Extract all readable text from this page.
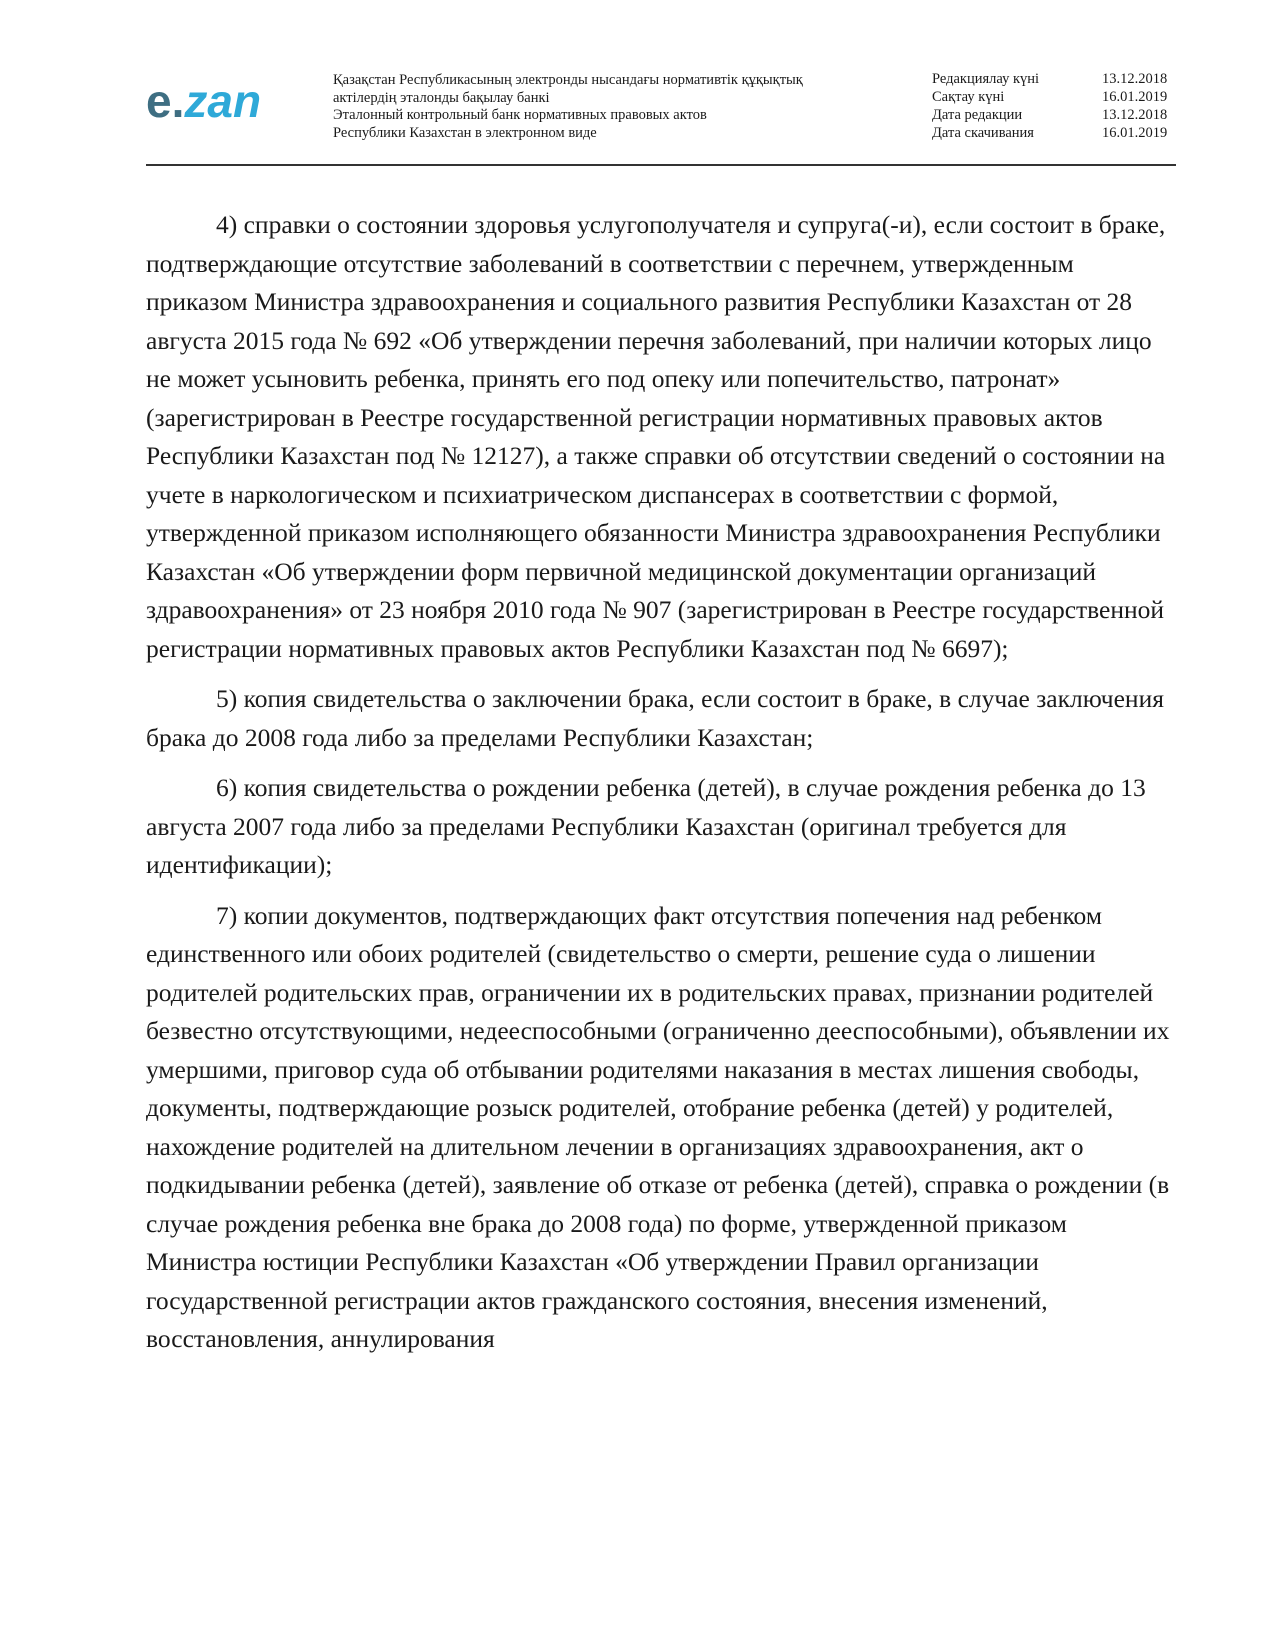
e.zan	Қазақстан Республикасының электронды нысандағы нормативтік құқықтық
актілердің эталонды бақылау банкі
Эталонный контрольный банк нормативных правовых актов
Республики Казахстан в электронном виде
Редакциялау күні	13.12.2018
Сақтау күні	16.01.2019
Дата редакции	13.12.2018
Дата скачивания	16.01.2019

4) справки о состоянии здоровья услугополучателя и супруга(-и), если состоит в браке, подтверждающие отсутствие заболеваний в соответствии с перечнем, утвержденным приказом Министра здравоохранения и социального развития Республики Казахстан от 28 августа 2015 года № 692 «Об утверждении перечня заболеваний, при наличии которых лицо не может усыновить ребенка, принять его под опеку или попечительство, патронат» (зарегистрирован в Реестре государственной регистрации нормативных правовых актов Республики Казахстан под № 12127), а также справки об отсутствии сведений о состоянии на учете в наркологическом и психиатрическом диспансерах в соответствии с формой, утвержденной приказом исполняющего обязанности Министра здравоохранения Республики Казахстан «Об утверждении форм первичной медицинской документации организаций здравоохранения» от 23 ноября 2010 года № 907 (зарегистрирован в Реестре государственной регистрации нормативных правовых актов Республики Казахстан под № 6697);

5) копия свидетельства о заключении брака, если состоит в браке, в случае заключения брака до 2008 года либо за пределами Республики Казахстан;

6) копия свидетельства о рождении ребенка (детей), в случае рождения ребенка до 13 августа 2007 года либо за пределами Республики Казахстан (оригинал требуется для идентификации);

7) копии документов, подтверждающих факт отсутствия попечения над ребенком единственного или обоих родителей (свидетельство о смерти, решение суда о лишении родителей родительских прав, ограничении их в родительских правах, признании родителей безвестно отсутствующими, недееспособными (ограниченно дееспособными), объявлении их умершими, приговор суда об отбывании родителями наказания в местах лишения свободы, документы, подтверждающие розыск родителей, отобрание ребенка (детей) у родителей, нахождение родителей на длительном лечении в организациях здравоохранения, акт о подкидывании ребенка (детей), заявление об отказе от ребенка (детей), справка о рождении (в случае рождения ребенка вне брака до 2008 года) по форме, утвержденной приказом Министра юстиции Республики Казахстан «Об утверждении Правил организации государственной регистрации актов гражданского состояния, внесения изменений, восстановления, аннулирования
